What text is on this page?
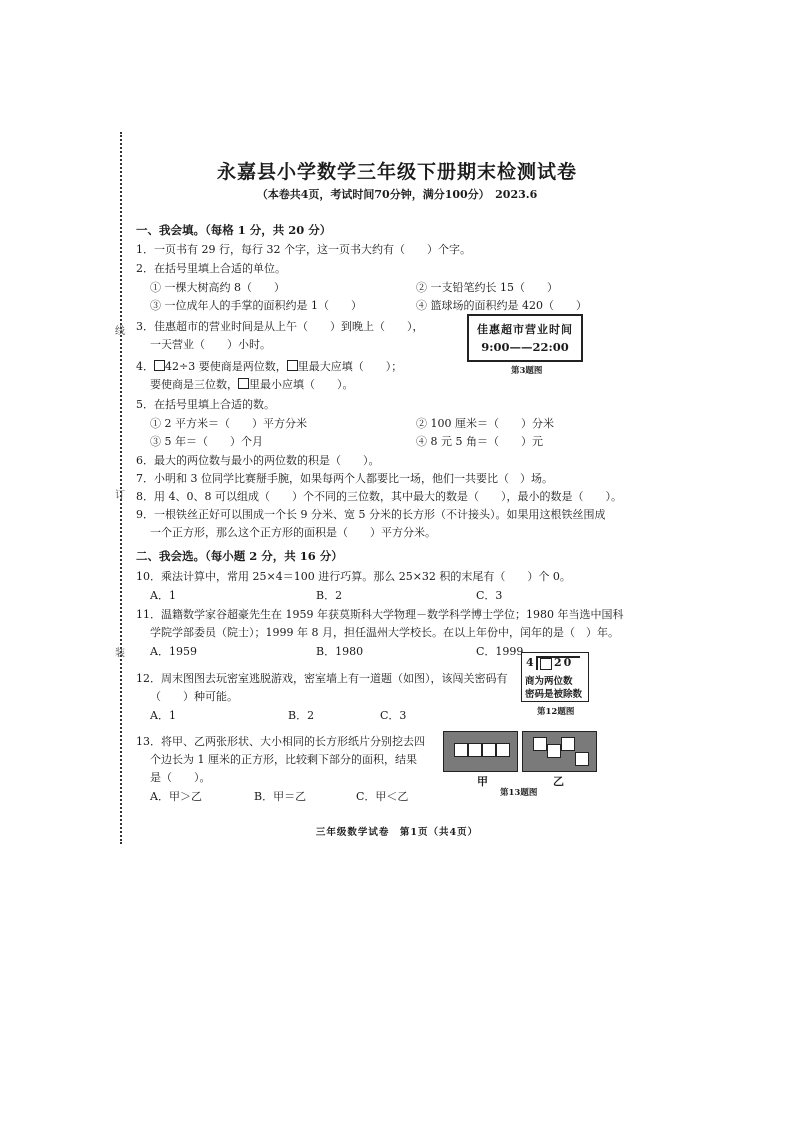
线
订
装
永嘉县小学数学三年级下册期末检测试卷
（本卷共4页，考试时间70分钟，满分100分）　2023.6
一、我会填。（每格 1 分，共 20 分）
1．一页书有 29 行，每行 32 个字，这一页书大约有（　　）个字。
2．在括号里填上合适的单位。
① 一棵大树高约 8（　　）	② 一支铅笔约长 15（　　）
③ 一位成年人的手掌的面积约是 1（　　）	④ 篮球场的面积约是 420（　　）
3．佳惠超市的营业时间是从上午（　　）到晚上（　　），
一天营业（　　）小时。
佳惠超市营业时间
9:00——22:00
第3题图
4． 42÷3 要使商是两位数， 里最大应填（　　）；
要使商是三位数， 里最小应填（　　）。
5．在括号里填上合适的数。
① 2 平方米＝（　　）平方分米	② 100 厘米＝（　　）分米
③ 5 年＝（　　）个月	④ 8 元 5 角＝（　　）元
6．最大的两位数与最小的两位数的积是（　　）。
7．小明和 3 位同学比赛掰手腕，如果每两个人都要比一场，他们一共要比（　）场。
8．用 4、0、8 可以组成（　　）个不同的三位数，其中最大的数是（　　），最小的数是（　　）。
9．一根铁丝正好可以围成一个长 9 分米、宽 5 分米的长方形（不计接头）。如果用这根铁丝围成
一个正方形，那么这个正方形的面积是（　　）平方分米。
二、我会选。（每小题 2 分，共 16 分）
10．乘法计算中，常用 25×4＝100 进行巧算。那么 25×32 积的末尾有（　　）个 0。
A．1	B．2	C．3
11．温籍数学家谷超豪先生在 1959 年获莫斯科大学物理－数学科学博士学位；1980 年当选中国科
学院学部委员（院士）；1999 年 8 月，担任温州大学校长。在以上年份中，闰年的是（　）年。
A．1959	B．1980	C．1999
12．周末图图去玩密室逃脱游戏，密室墙上有一道题（如图），该闯关密码有
（　　）种可能。
A．1	B．2	C．3
4 20
商为两位数
密码是被除数
第12题图
13．将甲、乙两张形状、大小相同的长方形纸片分别挖去四
个边长为 1 厘米的正方形，比较剩下部分的面积，结果
是（　　）。
A．甲＞乙	B．甲＝乙	C．甲＜乙
甲	乙
第13题图
三年级数学试卷　第1页（共4页）
